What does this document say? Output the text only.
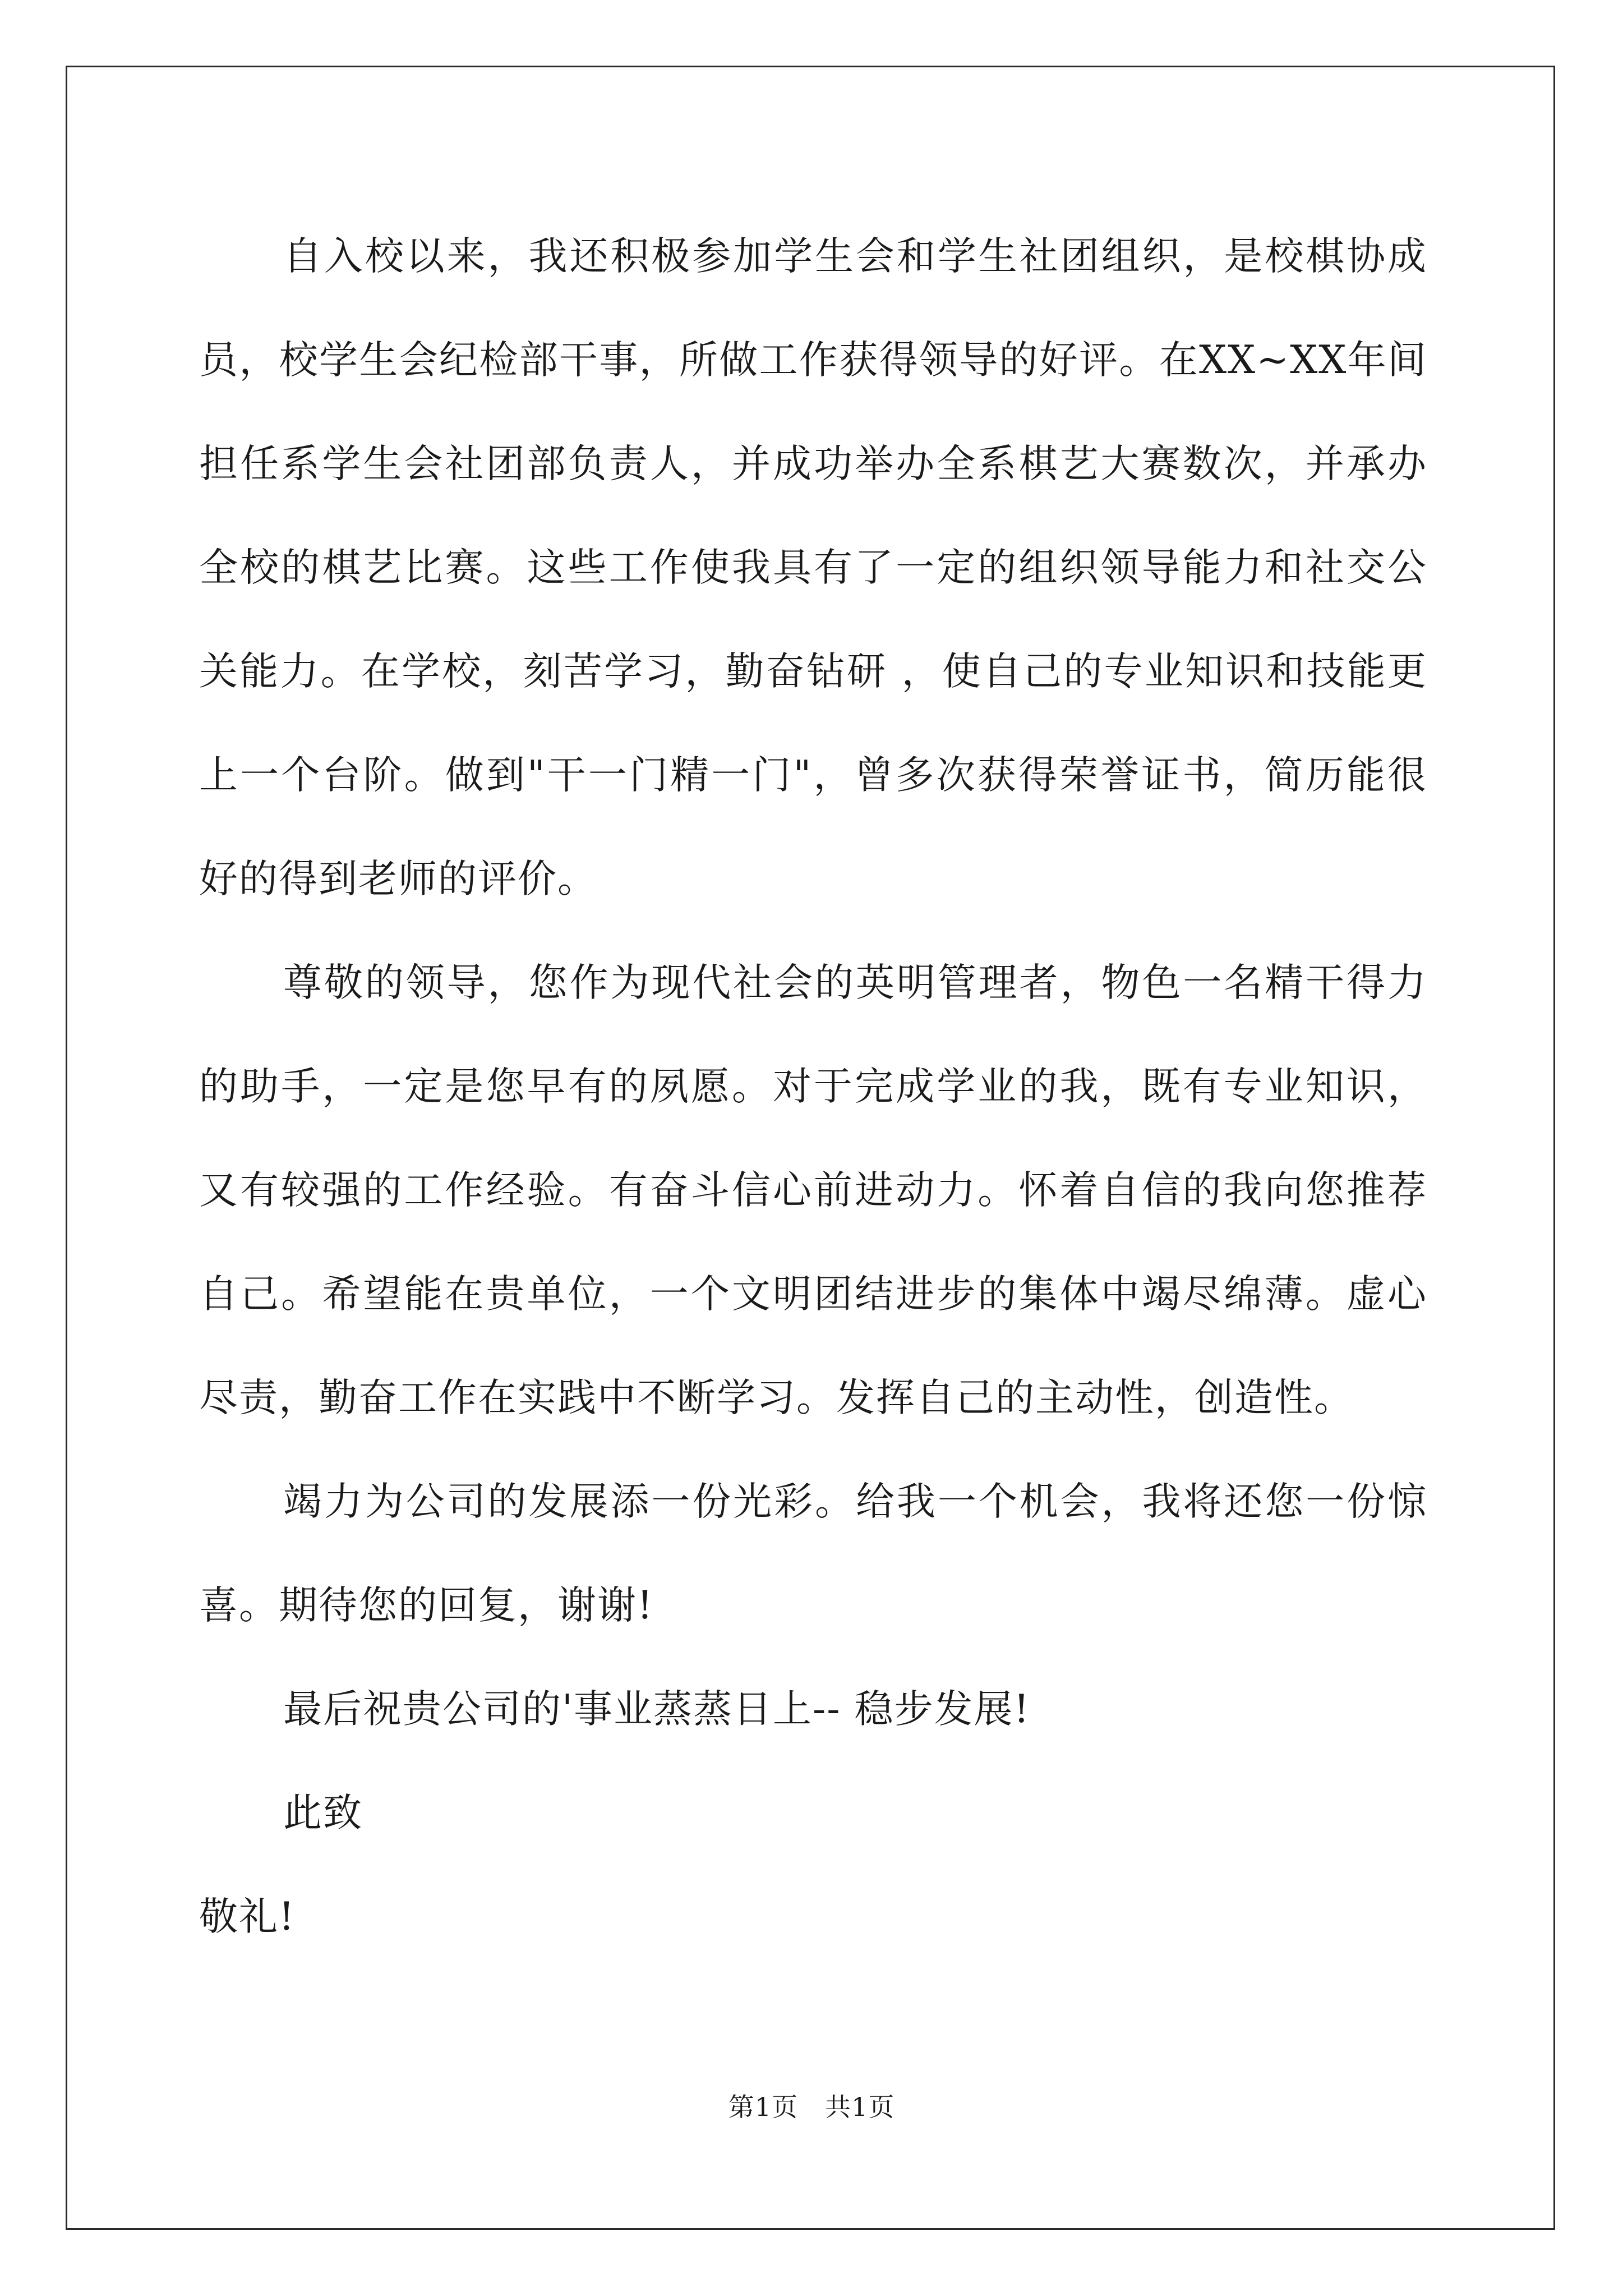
自入校以来，我还积极参加学生会和学生社团组织，是校棋协成员，校学生会纪检部干事，所做工作获得领导的好评。在XX~XX年间担任系学生会社团部负责人，并成功举办全系棋艺大赛数次，并承办全校的棋艺比赛。这些工作使我具有了一定的组织领导能力和社交公关能力。在学校，刻苦学习，勤奋钻研 ，使自己的专业知识和技能更上一个台阶。做到"干一门精一门"，曾多次获得荣誉证书，简历能很好的得到老师的评价。

尊敬的领导，您作为现代社会的英明管理者，物色一名精干得力的助手，一定是您早有的夙愿。对于完成学业的我，既有专业知识，又有较强的工作经验。有奋斗信心前进动力。怀着自信的我向您推荐自己。希望能在贵单位，一个文明团结进步的集体中竭尽绵薄。虚心尽责，勤奋工作在实践中不断学习。发挥自己的主动性，创造性。

竭力为公司的发展添一份光彩。给我一个机会，我将还您一份惊喜。期待您的回复，谢谢!

最后祝贵公司的'事业蒸蒸日上-- 稳步发展!

此致

敬礼!

第1页 共1页
